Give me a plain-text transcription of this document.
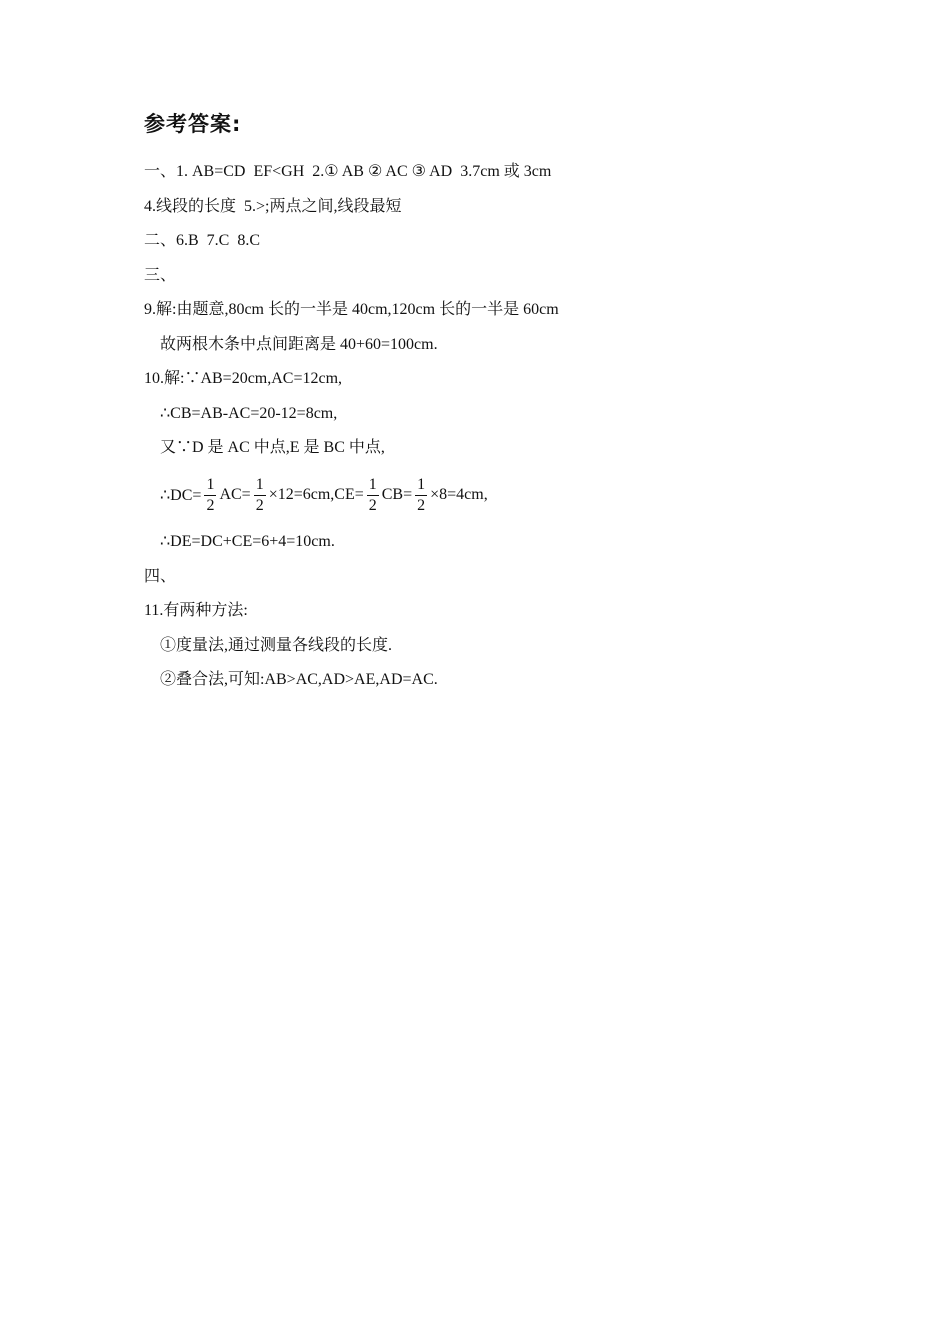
参考答案:
一、1. AB=CD  EF<GH  2.① AB ② AC ③ AD  3.7cm 或 3cm
4.线段的长度  5.>;两点之间,线段最短
二、6.B  7.C  8.C
三、
9.解:由题意,80cm 长的一半是 40cm,120cm 长的一半是 60cm
故两根木条中点间距离是 40+60=100cm.
10.解:∵AB=20cm,AC=12cm,
∴CB=AB-AC=20-12=8cm,
又∵D 是 AC 中点,E 是 BC 中点,
∴DC= $\frac{1}{2} AC= \frac{1}{2} \times 12=6cm,CE= \frac{1}{2} CB= \frac{1}{2} \times 8=4cm$,
∴DE=DC+CE=6+4=10cm.
四、
11.有两种方法:
①度量法,通过测量各线段的长度.
②叠合法,可知:AB>AC,AD>AE,AD=AC.
